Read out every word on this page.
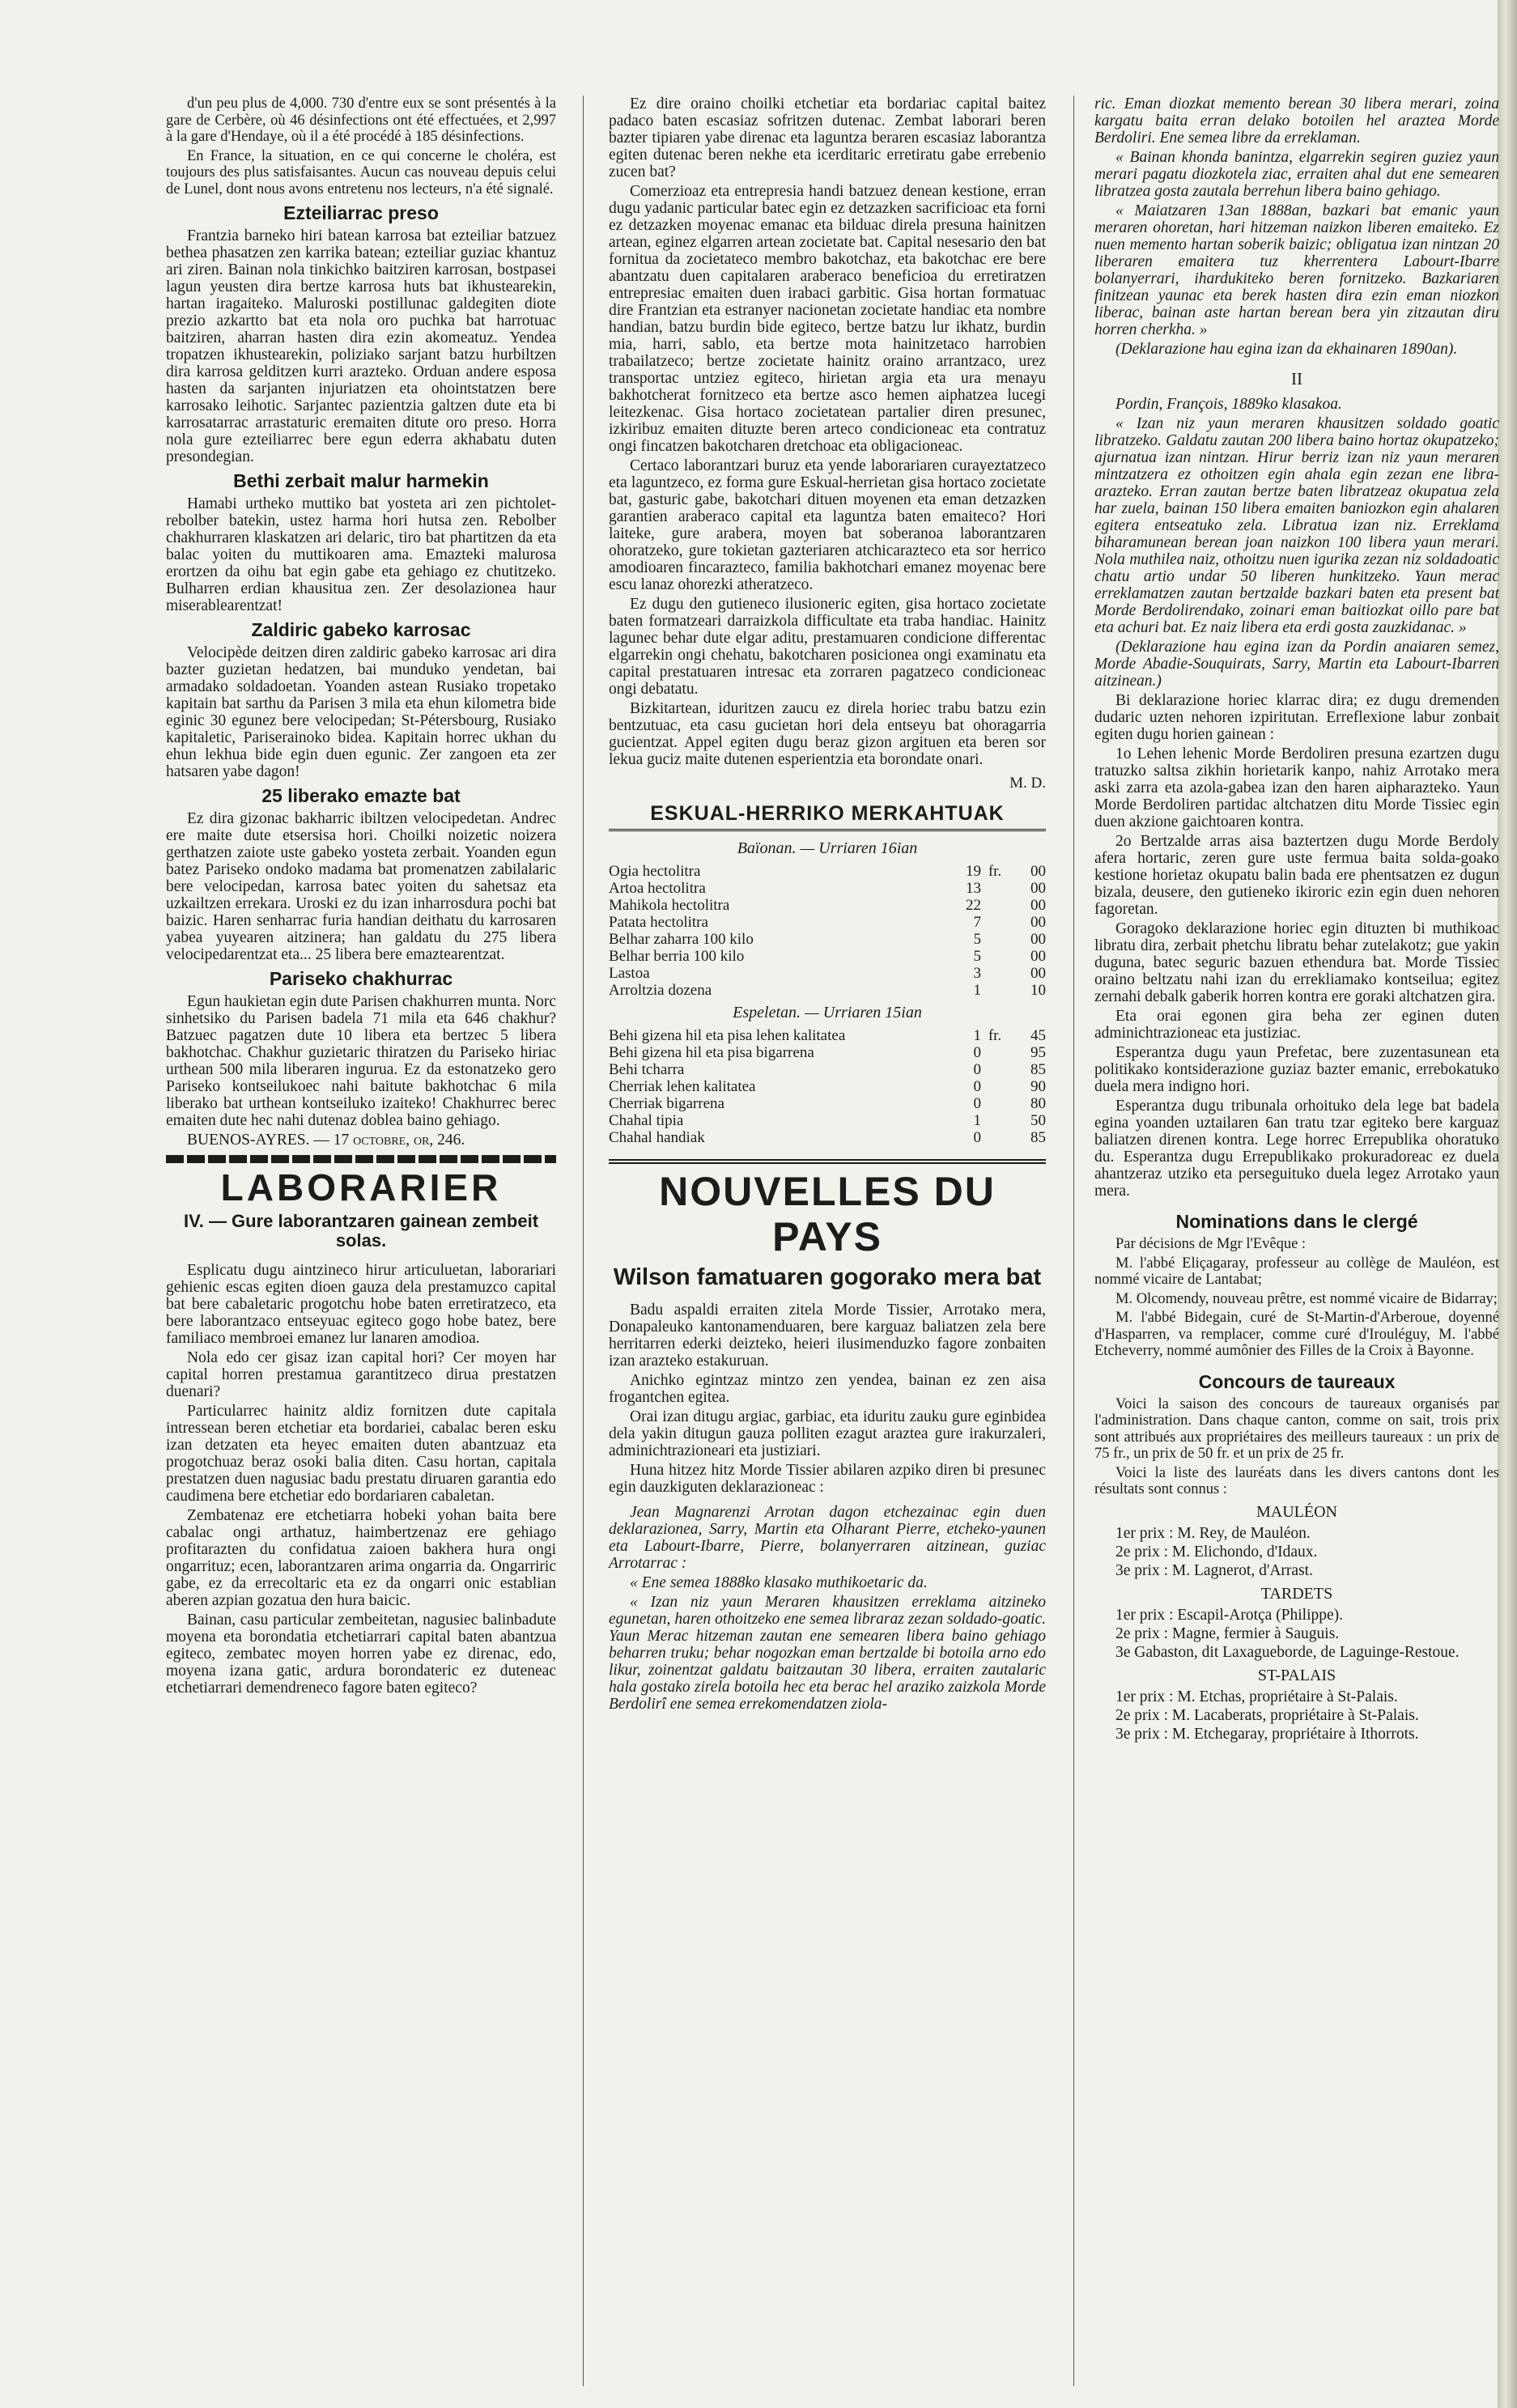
d'un peu plus de 4,000. 730 d'entre eux se sont présentés à la gare de Cerbère, où 46 désinfections ont été effectuées, et 2,997 à la gare d'Hendaye, où il a été procédé à 185 désinfections.

En France, la situation, en ce qui concerne le choléra, est toujours des plus satisfaisantes. Aucun cas nouveau depuis celui de Lunel, dont nous avons entretenu nos lecteurs, n'a été signalé.

Ezteiliarrac preso

Frantzia barneko hiri batean karrosa bat ezteiliar batzuez bethea phasatzen zen karrika batean; ezteiliar guziac khantuz ari ziren. Bainan nola tinkichko baitziren karrosan, bostpasei lagun yeusten dira bertze karrosa huts bat ikhustearekin, hartan iragaiteko. Maluroski postillunac galdegiten diote prezio azkartto bat eta nola oro puchka bat harrotuac baitziren, aharran hasten dira ezin akomeatuz. Yendea tropatzen ikhustearekin, poliziako sarjant batzu hurbiltzen dira karrosa gelditzen kurri arazteko. Orduan andere esposa hasten da sarjanten injuriatzen eta ohointstatzen bere karrosako leihotic. Sarjantec pazientzia galtzen dute eta bi karrosatarrac arrastaturic eremaiten ditute oro preso. Horra nola gure ezteiliarrec bere egun ederra akhabatu duten presondegian.

Bethi zerbait malur harmekin

Hamabi urtheko muttiko bat yosteta ari zen pichtolet-rebolber batekin, ustez harma hori hutsa zen. Rebolber chakhurraren klaskatzen ari delaric, tiro bat phartitzen da eta balac yoiten du muttikoaren ama. Emazteki malurosa erortzen da oihu bat egin gabe eta gehiago ez chutitzeko. Bulharren erdian khausitua zen. Zer desolazionea haur miserablearentzat!

Zaldiric gabeko karrosac

Velocipède deitzen diren zaldiric gabeko karrosac ari dira bazter guzietan hedatzen, bai munduko yendetan, bai armadako soldadoetan. Yoanden astean Rusiako tropetako kapitain bat sarthu da Parisen 3 mila eta ehun kilometra bide eginic 30 egunez bere velocipedan; St-Pétersbourg, Rusiako kapitaletic, Pariserainoko bidea. Kapitain horrec ukhan du ehun lekhua bide egin duen egunic. Zer zangoen eta zer hatsaren yabe dagon!

25 liberako emazte bat

Ez dira gizonac bakharric ibiltzen velocipedetan. Andrec ere maite dute etsersisa hori. Choilki noizetic noizera gerthatzen zaiote uste gabeko yosteta zerbait. Yoanden egun batez Pariseko ondoko madama bat promenatzen zabilalaric bere velocipedan, karrosa batec yoiten du sahetsaz eta uzkailtzen errekara. Uroski ez du izan inharrosdura pochi bat baizic. Haren senharrac furia handian deithatu du karrosaren yabea yuyearen aitzinera; han galdatu du 275 libera velocipedarentzat eta... 25 libera bere emaztearentzat.

Pariseko chakhurrac

Egun haukietan egin dute Parisen chakhurren munta. Norc sinhetsiko du Parisen badela 71 mila eta 646 chakhur? Batzuec pagatzen dute 10 libera eta bertzec 5 libera bakhotchac. Chakhur guzietaric thiratzen du Pariseko hiriac urthean 500 mila liberaren ingurua. Ez da estonatzeko gero Pariseko kontseilukoec nahi baitute bakhotchac 6 mila liberako bat urthean kontseiluko izaiteko! Chakhurrec berec emaiten dute hec nahi dutenaz doblea baino gehiago.

BUENOS-AYRES. — 17 octobre, or, 246.

LABORARIER
IV. — Gure laborantzaren gainean zembeit solas.

Esplicatu dugu aintzineco hirur articuluetan, laborariari gehienic escas egiten dioen gauza dela prestamuzco capital bat bere cabaletaric progotchu hobe baten erretiratzeco, eta bere laborantzaco entseyuac egiteco gogo hobe batez, bere familiaco membroei emanez lur lanaren amodioa.

Nola edo cer gisaz izan capital hori? Cer moyen har capital horren prestamua garantitzeco dirua prestatzen duenari?

Particularrec hainitz aldiz fornitzen dute capitala intressean beren etchetiar eta bordariei, cabalac beren esku izan detzaten eta heyec emaiten duten abantzuaz eta progotchuaz beraz osoki balia diten. Casu hortan, capitala prestatzen duen nagusiac badu prestatu diruaren garantia edo caudimena bere etchetiar edo bordariaren cabaletan.

Zembatenaz ere etchetiarra hobeki yohan baita bere cabalac ongi arthatuz, haimbertzenaz ere gehiago profitarazten du confidatua zaioen bakhera hura ongi ongarrituz; ecen, laborantzaren arima ongarria da. Ongarriric gabe, ez da errecoltaric eta ez da ongarri onic establian aberen azpian gozatua den hura baicic.

Bainan, casu particular zembeitetan, nagusiec balinbadute moyena eta borondatia etchetiarrari capital baten abantzua egiteco, zembatec moyen horren yabe ez direnac, edo, moyena izana gatic, ardura borondateric ez duteneac etchetiarrari demendreneco fagore baten egiteco?

Ez dire oraino choilki etchetiar eta bordariac capital baitez padaco baten escasiaz sofritzen dutenac. Zembat laborari beren bazter tipiaren yabe direnac eta laguntza beraren escasiaz laborantza egiten dutenac beren nekhe eta icerditaric erretiratu gabe errebenio zucen bat?

Comerzioaz eta entrepresia handi batzuez denean kestione, erran dugu yadanic particular batec egin ez detzazken sacrificioac eta forni ez detzazken moyenac emanac eta bilduac direla presuna hainitzen artean, eginez elgarren artean zocietate bat. Capital nesesario den bat fornitua da zocietateco membro bakotchaz, eta bakotchac ere bere abantzatu duen capitalaren araberaco beneficioa du erretiratzen entrepresiac emaiten duen irabaci garbitic. Gisa hortan formatuac dire Frantzian eta estranyer nacionetan zocietate handiac eta nombre handian, batzu burdin bide egiteco, bertze batzu lur ikhatz, burdin mia, harri, sablo, eta bertze mota hainitzetaco harrobien trabailatzeco; bertze zocietate hainitz oraino arrantzaco, urez transportac untziez egiteco, hirietan argia eta ura menayu bakhotcherat fornitzeco eta bertze asco hemen aiphatzea lucegi leitezkenac. Gisa hortaco zocietatean partalier diren presunec, izkiribuz emaiten dituzte beren arteco condicioneac eta contratuz ongi fincatzen bakotcharen dretchoac eta obligacioneac.

Certaco laborantzari buruz eta yende laborariaren curayeztatzeco eta laguntzeco, ez forma gure Eskual-herrietan gisa hortaco zocietate bat, gasturic gabe, bakotchari dituen moyenen eta eman detzazken garantien araberaco capital eta laguntza baten emaiteco? Hori laiteke, gure arabera, moyen bat soberanoa laborantzaren ohoratzeko, gure tokietan gazteriaren atchicarazteco eta sor herrico amodioaren fincarazteco, familia bakhotchari emanez moyenac bere escu lanaz ohorezki atheratzeco.

Ez dugu den gutieneco ilusioneric egiten, gisa hortaco zocietate baten formatzeari darraizkola difficultate eta traba handiac. Hainitz lagunec behar dute elgar aditu, prestamuaren condicione differentac elgarrekin ongi chehatu, bakotcharen posicionea ongi examinatu eta capital prestatuaren intresac eta zorraren pagatzeco condicioneac ongi debatatu.

Bizkitartean, iduritzen zaucu ez direla horiec trabu batzu ezin bentzutuac, eta casu gucietan hori dela entseyu bat ohoragarria gucientzat. Appel egiten dugu beraz gizon argituen eta beren sor lekua guciz maite dutenen esperientzia eta borondate onari.

M. D.
ESKUAL-HERRIKO MERKAHTUAK
Baïonan. — Urriaren 16ian
Ogia hectolitra	19	fr.	00
Artoa hectolitra	13		00
Mahikola hectolitra	22		00
Patata hectolitra	7		00
Belhar zaharra 100 kilo	5		00
Belhar berria 100 kilo	5		00
Lastoa	3		00
Arroltzia dozena	1		10
Espeletan. — Urriaren 15ian
Behi gizena hil eta pisa lehen kalitatea	1	fr.	45
Behi gizena hil eta pisa bigarrena	0		95
Behi tcharra	0		85
Cherriak lehen kalitatea	0		90
Cherriak bigarrena	0		80
Chahal tipia	1		50
Chahal handiak	0		85
NOUVELLES DU PAYS
Wilson famatuaren gogorako mera bat

Badu aspaldi erraiten zitela Morde Tissier, Arrotako mera, Donapaleuko kantonamenduaren, bere karguaz baliatzen zela bere herritarren ederki deizteko, heieri ilusimenduzko fagore zonbaiten izan arazteko estakuruan.

Anichko egintzaz mintzo zen yendea, bainan ez zen aisa frogantchen egitea.

Orai izan ditugu argiac, garbiac, eta iduritu zauku gure eginbidea dela yakin ditugun gauza polliten ezagut araztea gure irakurzaleri, adminichtrazioneari eta justiziari.

Huna hitzez hitz Morde Tissier abilaren azpiko diren bi presunec egin dauzkiguten deklarazioneac :

Jean Magnarenzi Arrotan dagon etchezainac egin duen deklarazionea, Sarry, Martin eta Olharant Pierre, etcheko-yaunen eta Labourt-Ibarre, Pierre, bolanyerraren aitzinean, guziac Arrotarrac :

« Ene semea 1888ko klasako muthikoetaric da.

« Izan niz yaun Meraren khausitzen erreklama aitzineko egunetan, haren othoitzeko ene semea libraraz zezan soldado-goatic. Yaun Merac hitzeman zautan ene semearen libera baino gehiago beharren truku; behar nogozkan eman bertzalde bi botoila arno edo likur, zoinentzat galdatu baitzautan 30 libera, erraiten zautalaric hala gostako zirela botoila hec eta berac hel araziko zaizkola Morde Berdolirî ene semea errekomendatzen ziola-

ric. Eman diozkat memento berean 30 libera merari, zoina kargatu baita erran delako botoilen hel araztea Morde Berdoliri. Ene semea libre da erreklaman.

« Bainan khonda banintza, elgarrekin segiren guziez yaun merari pagatu diozkotela ziac, erraiten ahal dut ene semearen libratzea gosta zautala berrehun libera baino gehiago.

« Maiatzaren 13an 1888an, bazkari bat emanic yaun meraren ohoretan, hari hitzeman naizkon liberen emaiteko. Ez nuen memento hartan soberik baizic; obligatua izan nintzan 20 liberaren emaitera tuz kherrentera Labourt-Ibarre bolanyerrari, ihardukiteko beren fornitzeko. Bazkariaren finitzean yaunac eta berek hasten dira ezin eman niozkon liberac, bainan aste hartan berean bera yin zitzautan diru horren cherkha. »

(Deklarazione hau egina izan da ekhainaren 1890an).

II

Pordin, François, 1889ko klasakoa.

« Izan niz yaun meraren khausitzen soldado goatic libratzeko. Galdatu zautan 200 libera baino hortaz okupatzeko; ajurnatua izan nintzan. Hirur berriz izan niz yaun meraren mintzatzera ez othoitzen egin ahala egin zezan ene libra-arazteko. Erran zautan bertze baten libratzeaz okupatua zela har zuela, bainan 150 libera emaiten baniozkon egin ahalaren egitera entseatuko zela. Libratua izan niz. Erreklama biharamunean berean joan naizkon 100 libera yaun merari. Nola muthilea naiz, othoitzu nuen igurika zezan niz soldadoatic chatu artio undar 50 liberen hunkitzeko. Yaun merac erreklamatzen zautan bertzalde bazkari baten eta present bat Morde Berdolirendako, zoinari eman baitiozkat oillo pare bat eta achuri bat. Ez naiz libera eta erdi gosta zauzkidanac. »

(Deklarazione hau egina izan da Pordin anaiaren semez, Morde Abadie-Souquirats, Sarry, Martin eta Labourt-Ibarren aitzinean.)

Bi deklarazione horiec klarrac dira; ez dugu dremenden dudaric uzten nehoren izpiritutan. Erreflexione labur zonbait egiten dugu horien gainean :

1o Lehen lehenic Morde Berdoliren presuna ezartzen dugu tratuzko saltsa zikhin horietarik kanpo, nahiz Arrotako mera aski zarra eta azola-gabea izan den haren aipharazteko. Yaun Morde Berdoliren partidac altchatzen ditu Morde Tissiec egin duen akzione gaichtoaren kontra.

2o Bertzalde arras aisa baztertzen dugu Morde Berdoly afera hortaric, zeren gure uste fermua baita solda-goako kestione horietaz okupatu balin bada ere phentsatzen ez dugun bizala, deusere, den gutieneko ikiroric ezin egin duen nehoren fagoretan.

Goragoko deklarazione horiec egin dituzten bi muthikoac libratu dira, zerbait phetchu libratu behar zutelakotz; gue yakin duguna, batec seguric bazuen ethendura bat. Morde Tissiec oraino beltzatu nahi izan du errekliamako kontseilua; egitez zernahi debalk gaberik horren kontra ere goraki altchatzen gira.

Eta orai egonen gira beha zer eginen duten adminichtrazioneac eta justiziac.

Esperantza dugu yaun Prefetac, bere zuzentasunean eta politikako kontsiderazione guziaz bazter emanic, errebokatuko duela mera indigno hori.

Esperantza dugu tribunala orhoituko dela lege bat badela egina yoanden uztailaren 6an tratu tzar egiteko bere karguaz baliatzen direnen kontra. Lege horrec Errepublika ohoratuko du. Esperantza dugu Errepublikako prokuradoreac ez duela ahantzeraz utziko eta perseguituko duela legez Arrotako yaun mera.

Nominations dans le clergé

Par décisions de Mgr l'Evêque :

M. l'abbé Eliçagaray, professeur au collège de Mauléon, est nommé vicaire de Lantabat;

M. Olcomendy, nouveau prêtre, est nommé vicaire de Bidarray;

M. l'abbé Bidegain, curé de St-Martin-d'Arberoue, doyenné d'Hasparren, va remplacer, comme curé d'Irouléguy, M. l'abbé Etcheverry, nommé aumônier des Filles de la Croix à Bayonne.

Concours de taureaux

Voici la saison des concours de taureaux organisés par l'administration. Dans chaque canton, comme on sait, trois prix sont attribués aux propriétaires des meilleurs taureaux : un prix de 75 fr., un prix de 50 fr. et un prix de 25 fr.

Voici la liste des lauréats dans les divers cantons dont les résultats sont connus :

MAULÉON

1er prix : M. Rey, de Mauléon.

2e prix : M. Elichondo, d'Idaux.

3e prix : M. Lagnerot, d'Arrast.

TARDETS

1er prix : Escapil-Arotça (Philippe).

2e prix : Magne, fermier à Sauguis.

3e Gabaston, dit Laxagueborde, de Laguinge-Restoue.

ST-PALAIS

1er prix : M. Etchas, propriétaire à St-Palais.

2e prix : M. Lacaberats, propriétaire à St-Palais.

3e prix : M. Etchegaray, propriétaire à Ithorrots.
